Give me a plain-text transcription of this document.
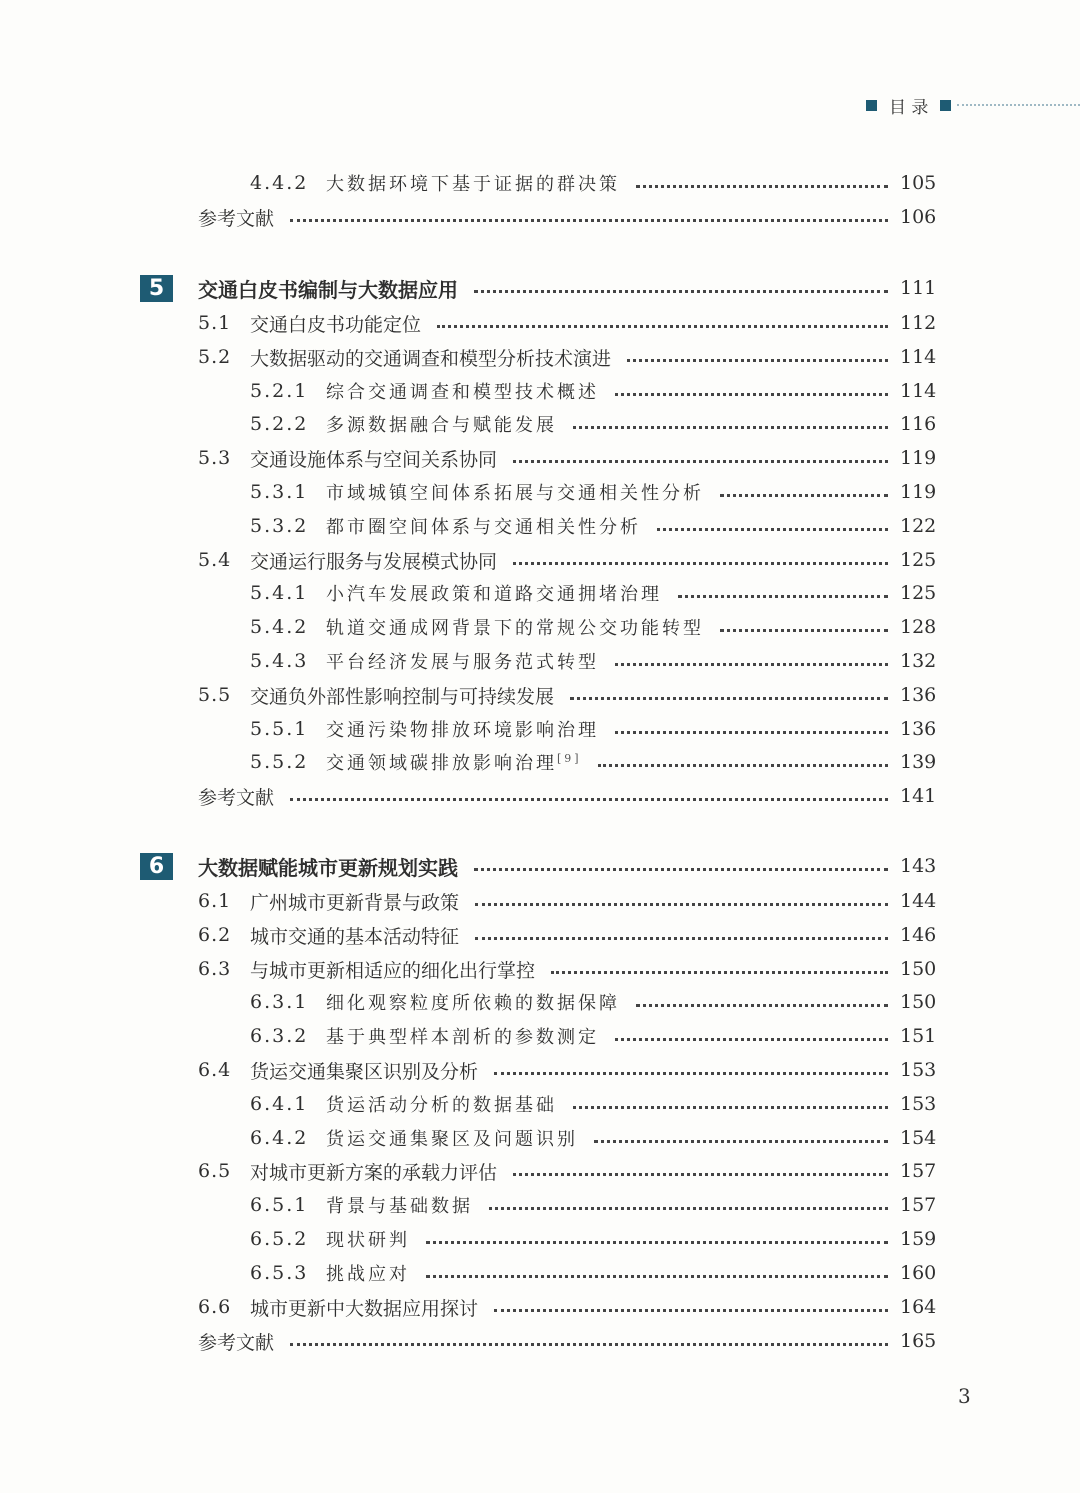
目 录
4.4.2 大数据环境下基于证据的群决策	105
参考文献	106
5	交通白皮书编制与大数据应用	111
5.1 交通白皮书功能定位	112
5.2 大数据驱动的交通调查和模型分析技术演进	114
5.2.1 综合交通调查和模型技术概述	114
5.2.2 多源数据融合与赋能发展	116
5.3 交通设施体系与空间关系协同	119
5.3.1 市域城镇空间体系拓展与交通相关性分析	119
5.3.2 都市圈空间体系与交通相关性分析	122
5.4 交通运行服务与发展模式协同	125
5.4.1 小汽车发展政策和道路交通拥堵治理	125
5.4.2 轨道交通成网背景下的常规公交功能转型	128
5.4.3 平台经济发展与服务范式转型	132
5.5 交通负外部性影响控制与可持续发展	136
5.5.1 交通污染物排放环境影响治理	136
5.5.2 交通领域碳排放影响治理[9]	139
参考文献	141
6	大数据赋能城市更新规划实践	143
6.1 广州城市更新背景与政策	144
6.2 城市交通的基本活动特征	146
6.3 与城市更新相适应的细化出行掌控	150
6.3.1 细化观察粒度所依赖的数据保障	150
6.3.2 基于典型样本剖析的参数测定	151
6.4 货运交通集聚区识别及分析	153
6.4.1 货运活动分析的数据基础	153
6.4.2 货运交通集聚区及问题识别	154
6.5 对城市更新方案的承载力评估	157
6.5.1 背景与基础数据	157
6.5.2 现状研判	159
6.5.3 挑战应对	160
6.6 城市更新中大数据应用探讨	164
参考文献	165
3
